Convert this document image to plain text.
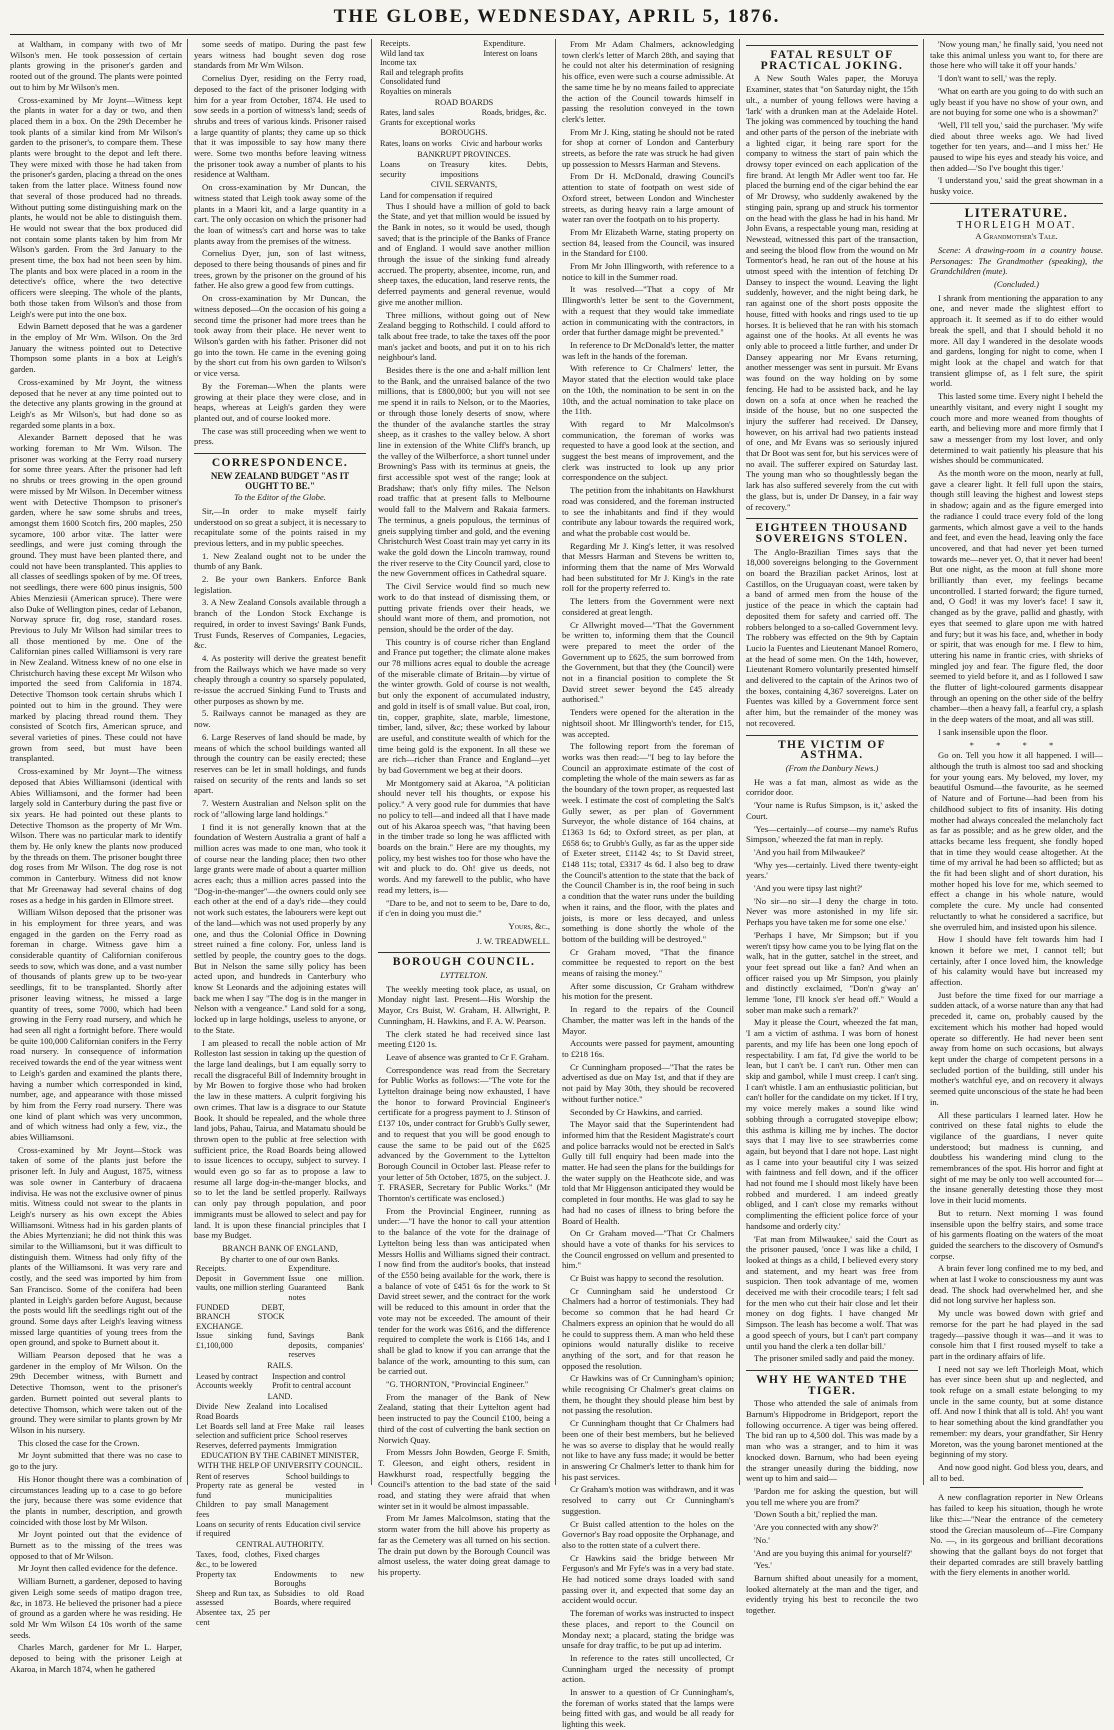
THE GLOBE, WEDNESDAY, APRIL 5, 1876.

at Waltham, in company with two of Mr Wilson's men. He took possession of certain plants growing in the prisoner's garden and rooted out of the ground. The plants were pointed out to him by Mr Wilson's men.

Cross-examined by Mr Joynt—Witness kept the plants in water for a day or two, and then placed them in a box. On the 29th December he took plants of a similar kind from Mr Wilson's garden to the prisoner's, to compare them. These plants were brought to the depot and left there. They were mixed with those he had taken from the prisoner's garden, placing a thread on the ones taken from the latter place. Witness found now that several of those produced had no threads. Without putting some distinguishing mark on the plants, he would not be able to distinguish them. He would not swear that the box produced did not contain some plants taken by him from Mr Wilson's garden. From the 3rd January to the present time, the box had not been seen by him. The plants and box were placed in a room in the detective's office, where the two detective officers were sleeping. The whole of the plants, both those taken from Wilson's and those from Leigh's were put into the one box.

Edwin Barnett deposed that he was a gardener in the employ of Mr Wm. Wilson. On the 3rd January the witness pointed out to Detective Thompson some plants in a box at Leigh's garden.

Cross-examined by Mr Joynt, the witness deposed that he never at any time pointed out to the detective any plants growing in the ground at Leigh's as Mr Wilson's, but had done so as regarded some plants in a box.

Alexander Barnett deposed that he was working foreman to Mr Wm. Wilson. The prisoner was working at the Ferry road nursery for some three years. After the prisoner had left no shrubs or trees growing in the open ground were missed by Mr Wilson. In December witness went with Detective Thompson to prisoner's garden, where he saw some shrubs and trees, amongst them 1600 Scotch firs, 200 maples, 250 sycamore, 100 arbor vitæ. The latter were seedlings, and were just coming through the ground. They must have been planted there, and could not have been transplanted. This applies to all classes of seedlings spoken of by me. Of trees, not seedlings, there were 600 pinus insignis, 500 Abies Menziesii (American spruce). There were also Duke of Wellington pines, cedar of Lebanon, Norway spruce fir, dog rose, standard roses. Previous to July Mr Wilson had similar trees to all those mentioned by me. One of the Californian pines called Williamsoni is very rare in New Zealand. Witness knew of no one else in Christchurch having these except Mr Wilson who imported the seed from California in 1874. Detective Thomson took certain shrubs which I pointed out to him in the ground. They were marked by placing thread round them. They consisted of Scotch firs, American spruce, and several varieties of pines. These could not have grown from seed, but must have been transplanted.

Cross-examined by Mr Joynt—The witness deposed that Abies Williamsoni (identical with Abies Williamsoni, and the former had been largely sold in Canterbury during the past five or six years. He had pointed out these plants to Detective Thomson as the property of Mr Wm. Wilson. There was no particular mark to identify them by. He only knew the plants now produced by the threads on them. The prisoner bought three dog roses from Mr Wilson. The dog rose is not common in Canterbury. Witness did not know that Mr Greenaway had several chains of dog roses as a hedge in his garden in Ellmore street.

William Wilson deposed that the prisoner was in his employment for three years, and was engaged in the garden on the Ferry road as foreman in charge. Witness gave him a considerable quantity of Californian coniferous seeds to sow, which was done, and a vast number of thousands of plants grew up to be two-year seedlings, fit to be transplanted. Shortly after prisoner leaving witness, he missed a large quantity of trees, some 7000, which had been growing in the Ferry road nursery, and which he had seen all right a fortnight before. There would be quite 100,000 Californian conifers in the Ferry road nursery. In consequence of information received towards the end of the year witness went to Leigh's garden and examined the plants there, having a number which corresponded in kind, number, age, and appearance with those missed by him from the Ferry road nursery. There was one kind of plant which was very uncommon, and of which witness had only a few, viz., the abies Williamsoni.

Cross-examined by Mr Joynt—Stock was taken of some of the plants just before the prisoner left. In July and August, 1875, witness was sole owner in Canterbury of dracaena indivisa. He was not the exclusive owner of pinus mitis. Witness could not swear to the plants in Leigh's nursery as his own except the Abies Williamsoni. Witness had in his garden plants of the Abies Myrtenziani; he did not think this was similar to the Williamsoni, but it was difficult to distinguish them. Witness had only fifty of the plants of the Williamsoni. It was very rare and costly, and the seed was imported by him from San Francisco. Some of the conifera had been planted in Leigh's garden before August, because the posts would lift the seedlings right out of the ground. Some days after Leigh's leaving witness missed large quantities of young trees from the open ground, and spoke to Burnett about it.

William Pearson deposed that he was a gardener in the employ of Mr Wilson. On the 29th December witness, with Burnett and Detective Thomson, went to the prisoner's garden. Burnett pointed out several plants to detective Thomson, which were taken out of the ground. They were similar to plants grown by Mr Wilson in his nursery.

This closed the case for the Crown.

Mr Joynt submitted that there was no case to go to the jury.

His Honor thought there was a combination of circumstances leading up to a case to go before the jury, because there was some evidence that the plants in number, description, and growth coincided with those lost by Mr Wilson.

Mr Joynt pointed out that the evidence of Burnett as to the missing of the trees was opposed to that of Mr Wilson.

Mr Joynt then called evidence for the defence.

William Burnett, a gardener, deposed to having given Leigh some seeds of matipo dragon tree, &c, in 1873. He believed the prisoner had a piece of ground as a garden where he was residing. He sold Mr Wm Wilson £4 10s worth of the same seeds.

Charles March, gardener for Mr L. Harper, deposed to being with the prisoner Leigh at Akaroa, in March 1874, when he gathered

some seeds of matipo. During the past few years witness had bought seven dog rose standards from Mr Wm Wilson.

Cornelius Dyer, residing on the Ferry road, deposed to the fact of the prisoner lodging with him for a year from October, 1874. He used to sow seeds in a portion of witness's land; seeds of shrubs and trees of various kinds. Prisoner raised a large quantity of plants; they came up so thick that it was impossible to say how many there were. Some two months before leaving witness the prisoner took away a number of plants to his residence at Waltham.

On cross-examination by Mr Duncan, the witness stated that Leigh took away some of the plants in a Maori kit, and a large quantity in a cart. The only occasion on which the prisoner had the loan of witness's cart and horse was to take plants away from the premises of the witness.

Cornelius Dyer, jun, son of last witness, deposed to there being thousands of pines and fir trees, grown by the prisoner on the ground of his father. He also grew a good few from cuttings.

On cross-examination by Mr Duncan, the witness deposed—On the occasion of his going a second time the prisoner had more trees than he took away from their place. He never went to Wilson's garden with his father. Prisoner did not go into the town. He came in the evening going by the short cut from his own garden to Wilson's or vice versa.

By the Foreman—When the plants were growing at their place they were close, and in heaps, whereas at Leigh's garden they were planted out, and of course looked more.

The case was still proceeding when we went to press.

CORRESPONDENCE.
NEW ZEALAND BUDGET "AS IT OUGHT TO BE."
To the Editor of the Globe.

Sir,—In order to make myself fairly understood on so great a subject, it is necessary to recapitulate some of the points raised in my previous letters, and in my public speeches.

1. New Zealand ought not to be under the thumb of any Bank.

2. Be your own Bankers. Enforce Bank legislation.

3. A New Zealand Consols available through a branch of the London Stock Exchange is required, in order to invest Savings' Bank Funds, Trust Funds, Reserves of Companies, Legacies, &c.

4. As posterity will derive the greatest benefit from the Railways which we have made so very cheaply through a country so sparsely populated, re-issue the accrued Sinking Fund to Trusts and other purposes as shown by me.

5. Railways cannot be managed as they are now.

6. Large Reserves of land should be made, by means of which the school buildings wanted all through the country can be easily erected; these reserves can be let in small holdings, and funds raised on security of the rents and lands so set apart.

7. Western Australian and Nelson split on the rock of "allowing large land holdings."

I find it is not generally known that at the foundation of Western Australia a grant of half a million acres was made to one man, who took it of course near the landing place; then two other large grants were made of about a quarter million acres each; thus a million acres passed into the "Dog-in-the-manger"—the owners could only see each other at the end of a day's ride—they could not work such estates, the labourers were kept out of the land—which was not used properly by any one, and thus the Colonial Office in Downing street ruined a fine colony. For, unless land is settled by people, the country goes to the dogs. But in Nelson the same silly policy has been acted upon, and hundreds in Canterbury who know St Leonards and the adjoining estates will back me when I say "The dog is in the manger in Nelson with a vengeance." Land sold for a song, locked up in large holdings, useless to anyone, or to the State.

I am pleased to recall the noble action of Mr Rolleston last session in taking up the question of the large land dealings, but I am equally sorry to recall the disgraceful Bill of Indemnity brought in by Mr Bowen to forgive those who had broken the law in these matters. A culprit forgiving his own crimes. That law is a disgrace to our Statute Book. It should be repealed, and the whole three land jobs, Pahau, Tairua, and Matamatu should be thrown open to the public at free selection with sufficient price, the Road Boards being allowed to issue licences to occupy, subject to survey. I would even go so far as to propose a law to resume all large dog-in-the-manger blocks, and so to let the land be settled properly. Railways can only pay through population, and poor immigrants must be allowed to select and pay for land. It is upon these financial principles that I base my Budget.

BRANCH BANK OF ENGLAND,	
By charter to one of our own Banks.	
Receipts.	Expenditure.
Deposit in Government vaults, one million sterling	Issue one million. Guaranteed Bank notes
FUNDED DEBT, BRANCH STOCK EXCHANGE.	
Issue sinking fund, £1,100,000	Savings Bank deposits, companies' reserves
RAILS.	
Leased by contract	Inspection and control
Accounts weekly	Profit to central account
LAND.	
Divide New Zealand into Road Boards	Localised
Let Boards sell land at Free selection and sufficient price	Make rail leases School reserves
Reserves, deferred payments	Immigration
EDUCATION BY THE CABINET MINISTER, WITH THE HELP OF UNIVERSITY COUNCIL.	
Rent of reserves	School buildings to
Property rate as general fund	be vested in municipalities
Children to pay small fees	Management
Loans on security of rents if required	Education civil service
CENTRAL AUTHORITY.	
Taxes, food, clothes, &c., to be lowered	Fixed charges
Property tax	Endowments to new Boroughs
Sheep and Run tax, as assessed	Subsidies to old Road Boards, where required
Absentee tax, 25 per cent	
Receipts.	Expenditure.
Wild land tax	Interest on loans
Income tax	
Rail and telegraph profits	
Consolidated fund	
Royalties on minerals	
ROAD BOARDS	
Rates, land sales	Roads, bridges, &c.
Grants for exceptional works	
BOROUGHS.
Rates, loans on works	Civic and harbour works
BANKRUPT PROVINCES.
Loans on security	Treasury kites. Debts, impositions
CIVIL SERVANTS,
Land for compensation if required	

Thus I should have a million of gold to back the State, and yet that million would be issued by the Bank in notes, so it would be used, though saved; that is the principle of the Banks of France and of England. I would save another million through the issue of the sinking fund already accrued. The property, absentee, income, run, and sheep taxes, the education, land reserve rents, the deferred payments and general revenue, would give me another million.

Three millions, without going out of New Zealand begging to Rothschild. I could afford to talk about free trade, to take the taxes off the poor man's jacket and boots, and put it on to his rich neighbour's land.

Besides there is the one and a-half million lent to the Bank, and the unraised balance of the two millions, that is £800,000; but you will not see me spend it in rails to Nelson, or to the Maories, or through those lonely deserts of snow, where the thunder of the avalanche startles the stray sheep, as it crashes to the valley below. A short line in extension of the White Cliff's branch, up the valley of the Wilberforce, a short tunnel under Browning's Pass with its terminus at gneis, the first accessible spot west of the range; look at Bradshaw; that's only fifty miles. The Nelson road traffic that at present falls to Melbourne would fall to the Malvern and Rakaia farmers. The terminus, a gneis populous, the terminus of gneis supplying timber and gold, and the evening Christchurch West Coast train may yet carry in its wake the gold down the Lincoln tramway, round the river reserve to the City Council yard, close to the new Government offices in Cathedral square.

The Civil Service would find so much new work to do that instead of dismissing them, or putting private friends over their heads, we should want more of them, and promotion, not pension, should be the order of the day.

This country is of course richer than England and France put together; the climate alone makes our 78 millions acres equal to double the acreage of the miserable climate of Britain—by virtue of the winter growth. Gold of course is not wealth, but only the exponent of accumulated industry, and gold in itself is of small value. But coal, iron, tin, copper, graphite, slate, marble, limestone, timber, land, silver, &c; these worked by labour are useful, and constitute wealth of which for the time being gold is the exponent. In all these we are rich—richer than France and England—yet by bad Government we beg at their doors.

Mr Montgomery said at Akaroa, "A politician should never tell his thoughts, or expose his policy." A very good rule for dummies that have no policy to tell—and indeed all that I have made out of his Akaroa speech was, "that having been in the timber trade so long he was afflicted with boards on the brain." Here are my thoughts, my policy, my best wishes too for those who have the wit and pluck to do. Oh! give us deeds, not words. And my farewell to the public, who have read my letters, is—

"Dare to be, and not to seem to be, Dare to do, if c'en in doing you must die."

Yours, &c.,
J. W. TREADWELL.
BOROUGH COUNCIL.
LYTTELTON.

The weekly meeting took place, as usual, on Monday night last. Present—His Worship the Mayor, Crs Buist, W. Graham, H. Allwright, P. Cunningham, H. Hawkins, and F. A. W. Pearson.

The clerk stated he had received since last meeting £120 1s.

Leave of absence was granted to Cr F. Graham.

Correspondence was read from the Secretary for Public Works as follows:—"The vote for the Lyttelton drainage being now exhausted, I have the honor to forward Provincial Engineer's certificate for a progress payment to J. Stinson of £137 10s, under contract for Grubb's Gully sewer, and to request that you will be good enough to cause the same to be paid out of the £625 advanced by the Government to the Lyttelton Borough Council in October last. Please refer to your letter of 5th October, 1875, on the subject. J. T. FRASER, Secretary for Public Works." (Mr Thornton's certificate was enclosed.)

From the Provincial Engineer, running as under:—"I have the honor to call your attention to the balance of the vote for the drainage of Lyttelton being less than was anticipated when Messrs Hollis and Williams signed their contract. I now find from the auditor's books, that instead of the £550 being available for the work, there is a balance of vote of £451 6s for the work to St David street sewer, and the contract for the work will be reduced to this amount in order that the vote may not be exceeded. The amount of their tender for the work was £616, and the difference required to complete the work is £166 14s, and I shall be glad to know if you can arrange that the balance of the work, amounting to this sum, can be carried out.

"G. THORNTON, "Provincial Engineer."

From the manager of the Bank of New Zealand, stating that their Lyttelton agent had been instructed to pay the Council £100, being a third of the cost of culverting the bank section on Norwich Quay.

From Messrs John Bowden, George F. Smith, T. Gleeson, and eight others, resident in Hawkhurst road, respectfully begging the Council's attention to the bad state of the said road, and stating they were afraid that when winter set in it would be almost impassable.

From Mr James Malcolmson, stating that the storm water from the hill above his property as far as the Cemetery was all turned on his section. The drain put down by the Borough Council was almost useless, the water doing great damage to his property.

From Mr Adam Chalmers, acknowledging town clerk's letter of March 28th, and saying that he could not alter his determination of resigning his office, even were such a course admissible. At the same time he by no means failed to appreciate the action of the Council towards himself in passing the resolution conveyed in the town clerk's letter.

From Mr J. King, stating he should not be rated for shop at corner of London and Canterbury streets, as before the rate was struck he had given up possession to Messrs Harman and Stevens.

From Dr H. McDonald, drawing Council's attention to state of footpath on west side of Oxford street, between London and Winchester streets, as during heavy rain a large amount of water ran over the footpath on to his property.

From Mr Elizabeth Warne, stating property on section 84, leased from the Council, was insured in the Standard for £100.

From Mr John Illingworth, with reference to a notice to kill in the Summer road.

It was resolved—"That a copy of Mr Illingworth's letter be sent to the Government, with a request that they would take immediate action in communicating with the contractors, in order that further damage might be prevented."

In reference to Dr McDonald's letter, the matter was left in the hands of the foreman.

With reference to Cr Chalmers' letter, the Mayor stated that the election would take place on the 10th, the nomination to be sent in on the 10th, and the actual nomination to take place on the 11th.

With regard to Mr Malcolmson's communication, the foreman of works was requested to have a good look at the section, and suggest the best means of improvement, and the clerk was instructed to look up any prior correspondence on the subject.

The petition from the inhabitants on Hawkhurst road was considered, and the foreman instructed to see the inhabitants and find if they would contribute any labour towards the required work, and what the probable cost would be.

Regarding Mr J. King's letter, it was resolved that Messrs Harman and Stevens be written to, informing them that the name of Mrs Worwald had been substituted for Mr J. King's in the rate roll for the property referred to.

The letters from the Government were next considered at great length.

Cr Allwright moved—"That the Government be written to, informing them that the Council were prepared to meet the order of the Government up to £625, the sum borrowed from the Government, but that they (the Council) were not in a financial position to complete the St David street sewer beyond the £45 already authorised."

Tenders were opened for the alteration in the nightsoil shoot. Mr Illingworth's tender, for £15, was accepted.

The following report from the foreman of works was then read:—"I beg to lay before the Council an approximate estimate of the cost of completing the whole of the main sewers as far as the boundary of the town proper, as requested last week. I estimate the cost of completing the Salt's Gully sewer, as per plan of Government Surveyor, the whole distance of 164 chains, at £1363 1s 6d; to Oxford street, as per plan, at £658 6s; to Grubb's Gully, as far as the upper side of Exeter street, £1142 4s; to St David street, £148 11s; total, £3317 4s 6d. I also beg to draw the Council's attention to the state that the back of the Council Chamber is in, the roof being in such a condition that the water runs under the building when it rains, and the floor, with the plates and joists, is more or less decayed, and unless something is done shortly the whole of the bottom of the building will be destroyed."

Cr Graham moved, "That the finance committee be requested to report on the best means of raising the money."

After some discussion, Cr Graham withdrew his motion for the present.

In regard to the repairs of the Council Chamber, the matter was left in the hands of the Mayor.

Accounts were passed for payment, amounting to £218 16s.

Cr Cunningham proposed—"That the rates be advertised as due on May 1st, and that if they are not paid by May 30th, they should be recovered without further notice."

Seconded by Cr Hawkins, and carried.

The Mayor said that the Superintendent had informed him that the Resident Magistrate's court and police barracks would not be erected in Salt's Gully till full enquiry had been made into the matter. He had seen the plans for the buildings for the water supply on the Heathcote side, and was told that Mr Higgenson anticipated they would be completed in four months. He was glad to say he had had no cases of illness to bring before the Board of Health.

On Cr Graham moved—"That Cr Chalmers should have a vote of thanks for his services to the Council engrossed on vellum and presented to him."

Cr Buist was happy to second the resolution.

Cr Cunningham said he understood Cr Chalmers had a horror of testimonials. They had become so common that he had heard Cr Chalmers express an opinion that he would do all he could to suppress them. A man who held these opinions would naturally dislike to receive anything of the sort, and for that reason he opposed the resolution.

Cr Hawkins was of Cr Cunningham's opinion; while recognising Cr Chalmer's great claims on them, he thought they should please him best by not passing the resolution.

Cr Cunningham thought that Cr Chalmers had been one of their best members, but he believed he was so averse to display that he would really not like to have any fuss made; it would be better in answering Cr Chalmer's letter to thank him for his past services.

Cr Graham's motion was withdrawn, and it was resolved to carry out Cr Cunningham's suggestion.

Cr Buist called attention to the holes on the Governor's Bay road opposite the Orphanage, and also to the rotten state of a culvert there.

Cr Hawkins said the bridge between Mr Ferguson's and Mr Fyfe's was in a very bad state. He had noticed some drays loaded with sand passing over it, and expected that some day an accident would occur.

The foreman of works was instructed to inspect these places, and report to the Council on Monday next; a placard, stating the bridge was unsafe for dray traffic, to be put up ad interim.

In reference to the rates still uncollected, Cr Cunningham urged the necessity of prompt action.

In answer to a question of Cr Cunningham's, the foreman of works stated that the lamps were being fitted with gas, and would be all ready for lighting this week.

FATAL RESULT OF PRACTICAL JOKING.

A New South Wales paper, the Moruya Examiner, states that "on Saturday night, the 15th ult., a number of young fellows were having a 'lark' with a drunken man at the Adelaide Hotel. The joking was commenced by touching the hand and other parts of the person of the inebriate with a lighted cigar, it being rare sport for the company to witness the start of pain which the drowsy toper evinced on each application of the fire brand. At length Mr Adler went too far. He placed the burning end of the cigar behind the ear of Mr Drowsy, who suddenly awakened by the stinging pain, sprang up and struck his tormentor on the head with the glass he had in his hand. Mr John Evans, a respectable young man, residing at Newstead, witnessed this part of the transaction, and seeing the blood flow from the wound on Mr Tormentor's head, he ran out of the house at his utmost speed with the intention of fetching Dr Dansey to inspect the wound. Leaving the light suddenly, however, and the night being dark, he ran against one of the short posts opposite the house, fitted with hooks and rings used to tie up horses. It is believed that he ran with his stomach against one of the hooks. At all events he was only able to proceed a little further, and under Dr Dansey appearing nor Mr Evans returning, another messenger was sent in pursuit. Mr Evans was found on the way holding on by some fencing. He had to be assisted back, and he lay down on a sofa at once when he reached the inside of the house, but no one suspected the injury the sufferer had received. Dr Dansey, however, on his arrival had two patients instead of one, and Mr Evans was so seriously injured that Dr Boot was sent for, but his services were of no avail. The sufferer expired on Saturday last. The young man who so thoughtlessly began the lark has also suffered severely from the cut with the glass, but is, under Dr Dansey, in a fair way of recovery."

EIGHTEEN THOUSAND SOVEREIGNS STOLEN.

The Anglo-Brazilian Times says that the 18,000 sovereigns belonging to the Government on board the Brazilian packet Arinos, lost at Castillos, on the Uruguayan coast, were taken by a band of armed men from the house of the justice of the peace in which the captain had deposited them for safety and carried off. The robbers belonged to a so-called Government levy. The robbery was effected on the 9th by Captain Lucio la Fuentes and Lieutenant Manoel Romero, at the head of some men. On the 14th, however, Lieutenant Romero voluntarily presented himself and delivered to the captain of the Arinos two of the boxes, containing 4,367 sovereigns. Later on Fuentes was killed by a Government force sent after him, but the remainder of the money was not recovered.

THE VICTIM OF ASTHMA.
(From the Danbury News.)

He was a fat man, almost as wide as the corridor door.

'Your name is Rufus Simpson, is it,' asked the Court.

'Yes—certainly—of course—my name's Rufus Simpson,' wheezed the fat man in reply.

'And you hail from Milwaukee?'

'Why yes—certainly. Lived there twenty-eight years.'

'And you were tipsy last night?'

'No sir—no sir—I deny the charge in toto. Never was more astonished in my life sir. Perhaps you have taken me for some one else.'

'Perhaps I have, Mr Simpson; but if you weren't tipsy how came you to be lying flat on the walk, hat in the gutter, satchel in the street, and your feet spread out like a fan? And when an officer raised you up Mr Simpson, you plainly and distinctly exclaimed, "Don'n g'way an' lemme 'lone, I'll knock s'er head off." Would a sober man make such a remark?'

May it please the Court, wheezed the fat man, 'I am a victim of asthma. I was born of honest parents, and my life has been one long epoch of respectability. I am fat, I'd give the world to be lean, but I can't be. I can't run. Other men can skip and gambol, while I must creep. I can't sing. I can't whistle. I am an enthusiastic politician, but can't holler for the candidate on my ticket. If I try, my voice merely makes a sound like wind sobbing through a corrugated stovepipe elbow; this asthma is killing me by inches. The doctor says that I may live to see strawberries come again, but beyond that I dare not hope. Last night as I came into your beautiful city I was seized with faintness and fell down, and if the officer had not found me I should most likely have been robbed and murdered. I am indeed greatly obliged, and I can't close my remarks without complimenting the efficient police force of your handsome and orderly city.'

'Fat man from Milwaukee,' said the Court as the prisoner paused, 'once I was like a child, I looked at things as a child, I believed every story and statement, and my heart was free from suspicion. Then took advantage of me, women deceived me with their crocodile tears; I felt sad for the men who cut their hair close and let their money on dog fights. I have changed Mr Simpson. The leash has become a wolf. That was a good speech of yours, but I can't part company until you hand the clerk a ten dollar bill.'

The prisoner smiled sadly and paid the money.

WHY HE WANTED THE TIGER.

Those who attended the sale of animals from Barnum's Hippodrome in Bridgeport, report the following occurrence. A tiger was being offered. The bid ran up to 4,500 dol. This was made by a man who was a stranger, and to him it was knocked down. Barnum, who had been eyeing the stranger uneasily during the bidding, now went up to him and said—

'Pardon me for asking the question, but will you tell me where you are from?'

'Down South a bit,' replied the man.

'Are you connected with any show?'

'No.'

'And are you buying this animal for yourself?'

'Yes.'

Barnum shifted about uneasily for a moment, looked alternately at the man and the tiger, and evidently trying his best to reconcile the two together.

'Now young man,' he finally said, 'you need not take this animal unless you want to, for there are those here who will take it off your hands.'

'I don't want to sell,' was the reply.

'What on earth are you going to do with such an ugly beast if you have no show of your own, and are not buying for some one who is a showman?'

'Well, I'll tell you,' said the purchaser. 'My wife died about three weeks ago. We had lived together for ten years, and—and I miss her.' He paused to wipe his eyes and steady his voice, and then added—'So I've bought this tiger.'

'I understand you,' said the great showman in a husky voice.

LITERATURE.
THORLEIGH MOAT.
A Grandmother's Tale.

Scene: A drawing-room in a country house. Personages: The Grandmother (speaking), the Grandchildren (mute).

(Concluded.)

I shrank from mentioning the apparation to any one, and never made the slightest effort to approach it. It seemed as if to do either would break the spell, and that I should behold it no more. All day I wandered in the desolate woods and gardens, longing for night to come, when I might look at the chapel and watch for that transient glimpse of, as I felt sure, the spirit world.

This lasted some time. Every night I beheld the unearthly visitant, and every night I sought my couch more and more weaned from thoughts of earth, and believing more and more firmly that I saw a messenger from my lost lover, and only determined to wait patiently his pleasure that his wishes should be communicated.

As the month wore on the moon, nearly at full, gave a clearer light. It fell full upon the stairs, though still leaving the highest and lowest steps in shadow; again and as the figure emerged into the radiance I could trace every fold of the long garments, which almost gave a veil to the hands and feet, and even the head, leaving only the face uncovered, and that had never yet been turned towards me—never yet. O, that it never had been! But one night, as the moon at full shone more brilliantly than ever, my feelings became uncontrolled. I started forward; the figure turned, and, O God! it was my lover's face! I saw it, changed as by the grave, pallid and ghastly, with eyes that seemed to glare upon me with hatred and fury; but it was his face, and, whether in body or spirit, that was enough for me. I flew to him, uttering his name in frantic cries, with shrieks of mingled joy and fear. The figure fled, the door seemed to yield before it, and as I followed I saw the flutter of light-coloured garments disappear through an opening on the other side of the belfry chamber—then a heavy fall, a fearful cry, a splash in the deep waters of the moat, and all was still.

I sank insensible upon the floor.

* * * *

Go on. Tell you how it all happened. I will—although the truth is almost too sad and shocking for your young ears. My beloved, my lover, my beautiful Osmund—the favourite, as he seemed of Nature and of Fortune—had been from his childhood subject to fits of insanity. His doting mother had always concealed the melancholy fact as far as possible; and as he grew older, and the attacks became less frequent, she fondly hoped that in time they would cease altogether. At the time of my arrival he had been so afflicted; but as the fit had been slight and of short duration, his mother hoped his love for me, which seemed to effect a change in his whole nature, would complete the cure. My uncle had consented reluctantly to what he considered a sacrifice, but she overruled him, and insisted upon his silence.

How I should have felt towards him had I known it before we met, I cannot tell; but certainly, after I once loved him, the knowledge of his calamity would have but increased my affection.

Just before the time fixed for our marriage a sudden attack, of a worse nature than any that had preceded it, came on, probably caused by the excitement which his mother had hoped would operate so differently. He had never been sent away from home on such occasions, but always kept under the charge of competent persons in a secluded portion of the building, still under his mother's watchful eye, and on recovery it always seemed quite unconscious of the state he had been in.

All these particulars I learned later. How he contrived on these fatal nights to elude the vigilance of the guardians, I never quite understood; but madness is cunning, and doubtless his wandering mind clung to the remembrances of the spot. His horror and fight at sight of me may be only too well accounted for—the insane generally detesting those they most love in their lucid moments.

But to return. Next morning I was found insensible upon the belfry stairs, and some trace of his garments floating on the waters of the moat guided the searchers to the discovery of Osmund's corpse.

A brain fever long confined me to my bed, and when at last I woke to consciousness my aunt was dead. The shock had overwhelmed her, and she did not long survive her hapless son.

My uncle was bowed down with grief and remorse for the part he had played in the sad tragedy—passive though it was—and it was to console him that I first roused myself to take a part in the ordinary affairs of life.

I need not say we left Thorleigh Moat, which has ever since been shut up and neglected, and took refuge on a small estate belonging to my uncle in the same county, but at some distance off. And now I think that all is told. Ah! you want to hear something about the kind grandfather you remember: my dears, your grandfather, Sir Henry Moreton, was the young baronet mentioned at the beginning of my story.

And now good night. God bless you, dears, and all to bed.

A new conflagration reporter in New Orleans has failed to keep his situation, though he wrote like this:—"Near the entrance of the cemetery stood the Grecian mausoleum of—Fire Company No. —, in its gorgeous and brilliant decorations showing that the gallant boys do not forget that their departed comrades are still bravely battling with the fiery elements in another world.
